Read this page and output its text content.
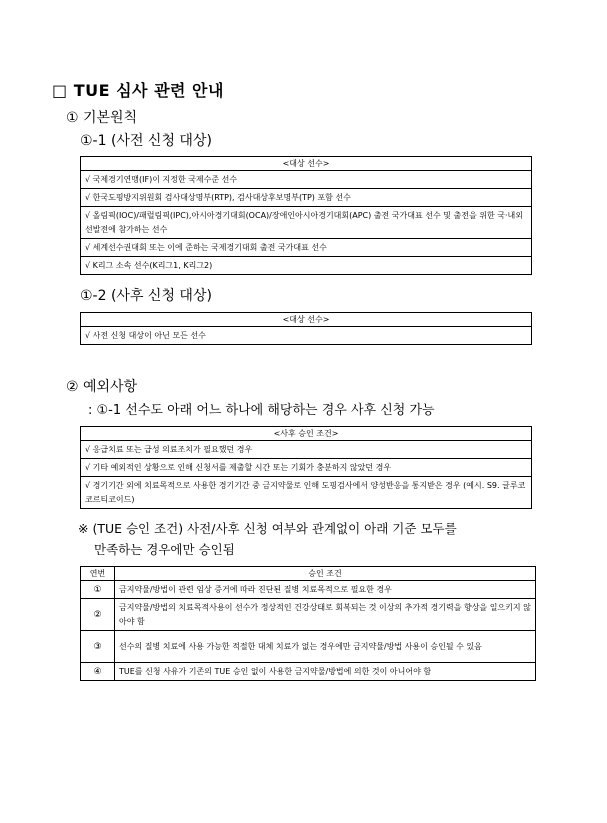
□ TUE 심사 관련 안내
① 기본원칙
①-1 (사전 신청 대상)
<대상 선수>
√ 국제경기연맹(IF)이 지정한 국제수준 선수
√ 한국도핑방지위원회 검사대상명부(RTP), 검사대상후보명부(TP) 포함 선수
√ 올림픽(IOC)/패럴림픽(IPC),아시아경기대회(OCA)/장애인아시아경기대회(APC) 출전 국가대표 선수 및 출전을 위한 국·내외 선발전에 참가하는 선수
√ 세계선수권대회 또는 이에 준하는 국제경기대회 출전 국가대표 선수
√ K리그 소속 선수(K리그1, K리그2)
①-2 (사후 신청 대상)
<대상 선수>
√ 사전 신청 대상이 아닌 모든 선수
② 예외사항
: ①-1 선수도 아래 어느 하나에 해당하는 경우 사후 신청 가능
<사후 승인 조건>
√ 응급치료 또는 급성 의료조치가 필요했던 경우
√ 기타 예외적인 상황으로 인해 신청서를 제출할 시간 또는 기회가 충분하지 않았던 경우
√ 경기기간 외에 치료목적으로 사용한 경기기간 중 금지약물로 인해 도핑검사에서 양성반응을 통지받은 경우 (예시. S9. 글루코코르티코이드)
※ (TUE 승인 조건) 사전/사후 신청 여부와 관계없이 아래 기준 모두를
만족하는 경우에만 승인됨
연번	승인 조건
①	금지약물/방법이 관련 임상 증거에 따라 진단된 질병 치료목적으로 필요한 경우
②	금지약물/방법의 치료목적사용이 선수가 정상적인 건강상태로 회복되는 것 이상의 추가적 경기력을 향상을 일으키지 않아야 함
③	선수의 질병 치료에 사용 가능한 적절한 대체 치료가 없는 경우에만 금지약물/방법 사용이 승인될 수 있음
④	TUE를 신청 사유가 기존의 TUE 승인 없이 사용한 금지약물/방법에 의한 것이 아니어야 함
